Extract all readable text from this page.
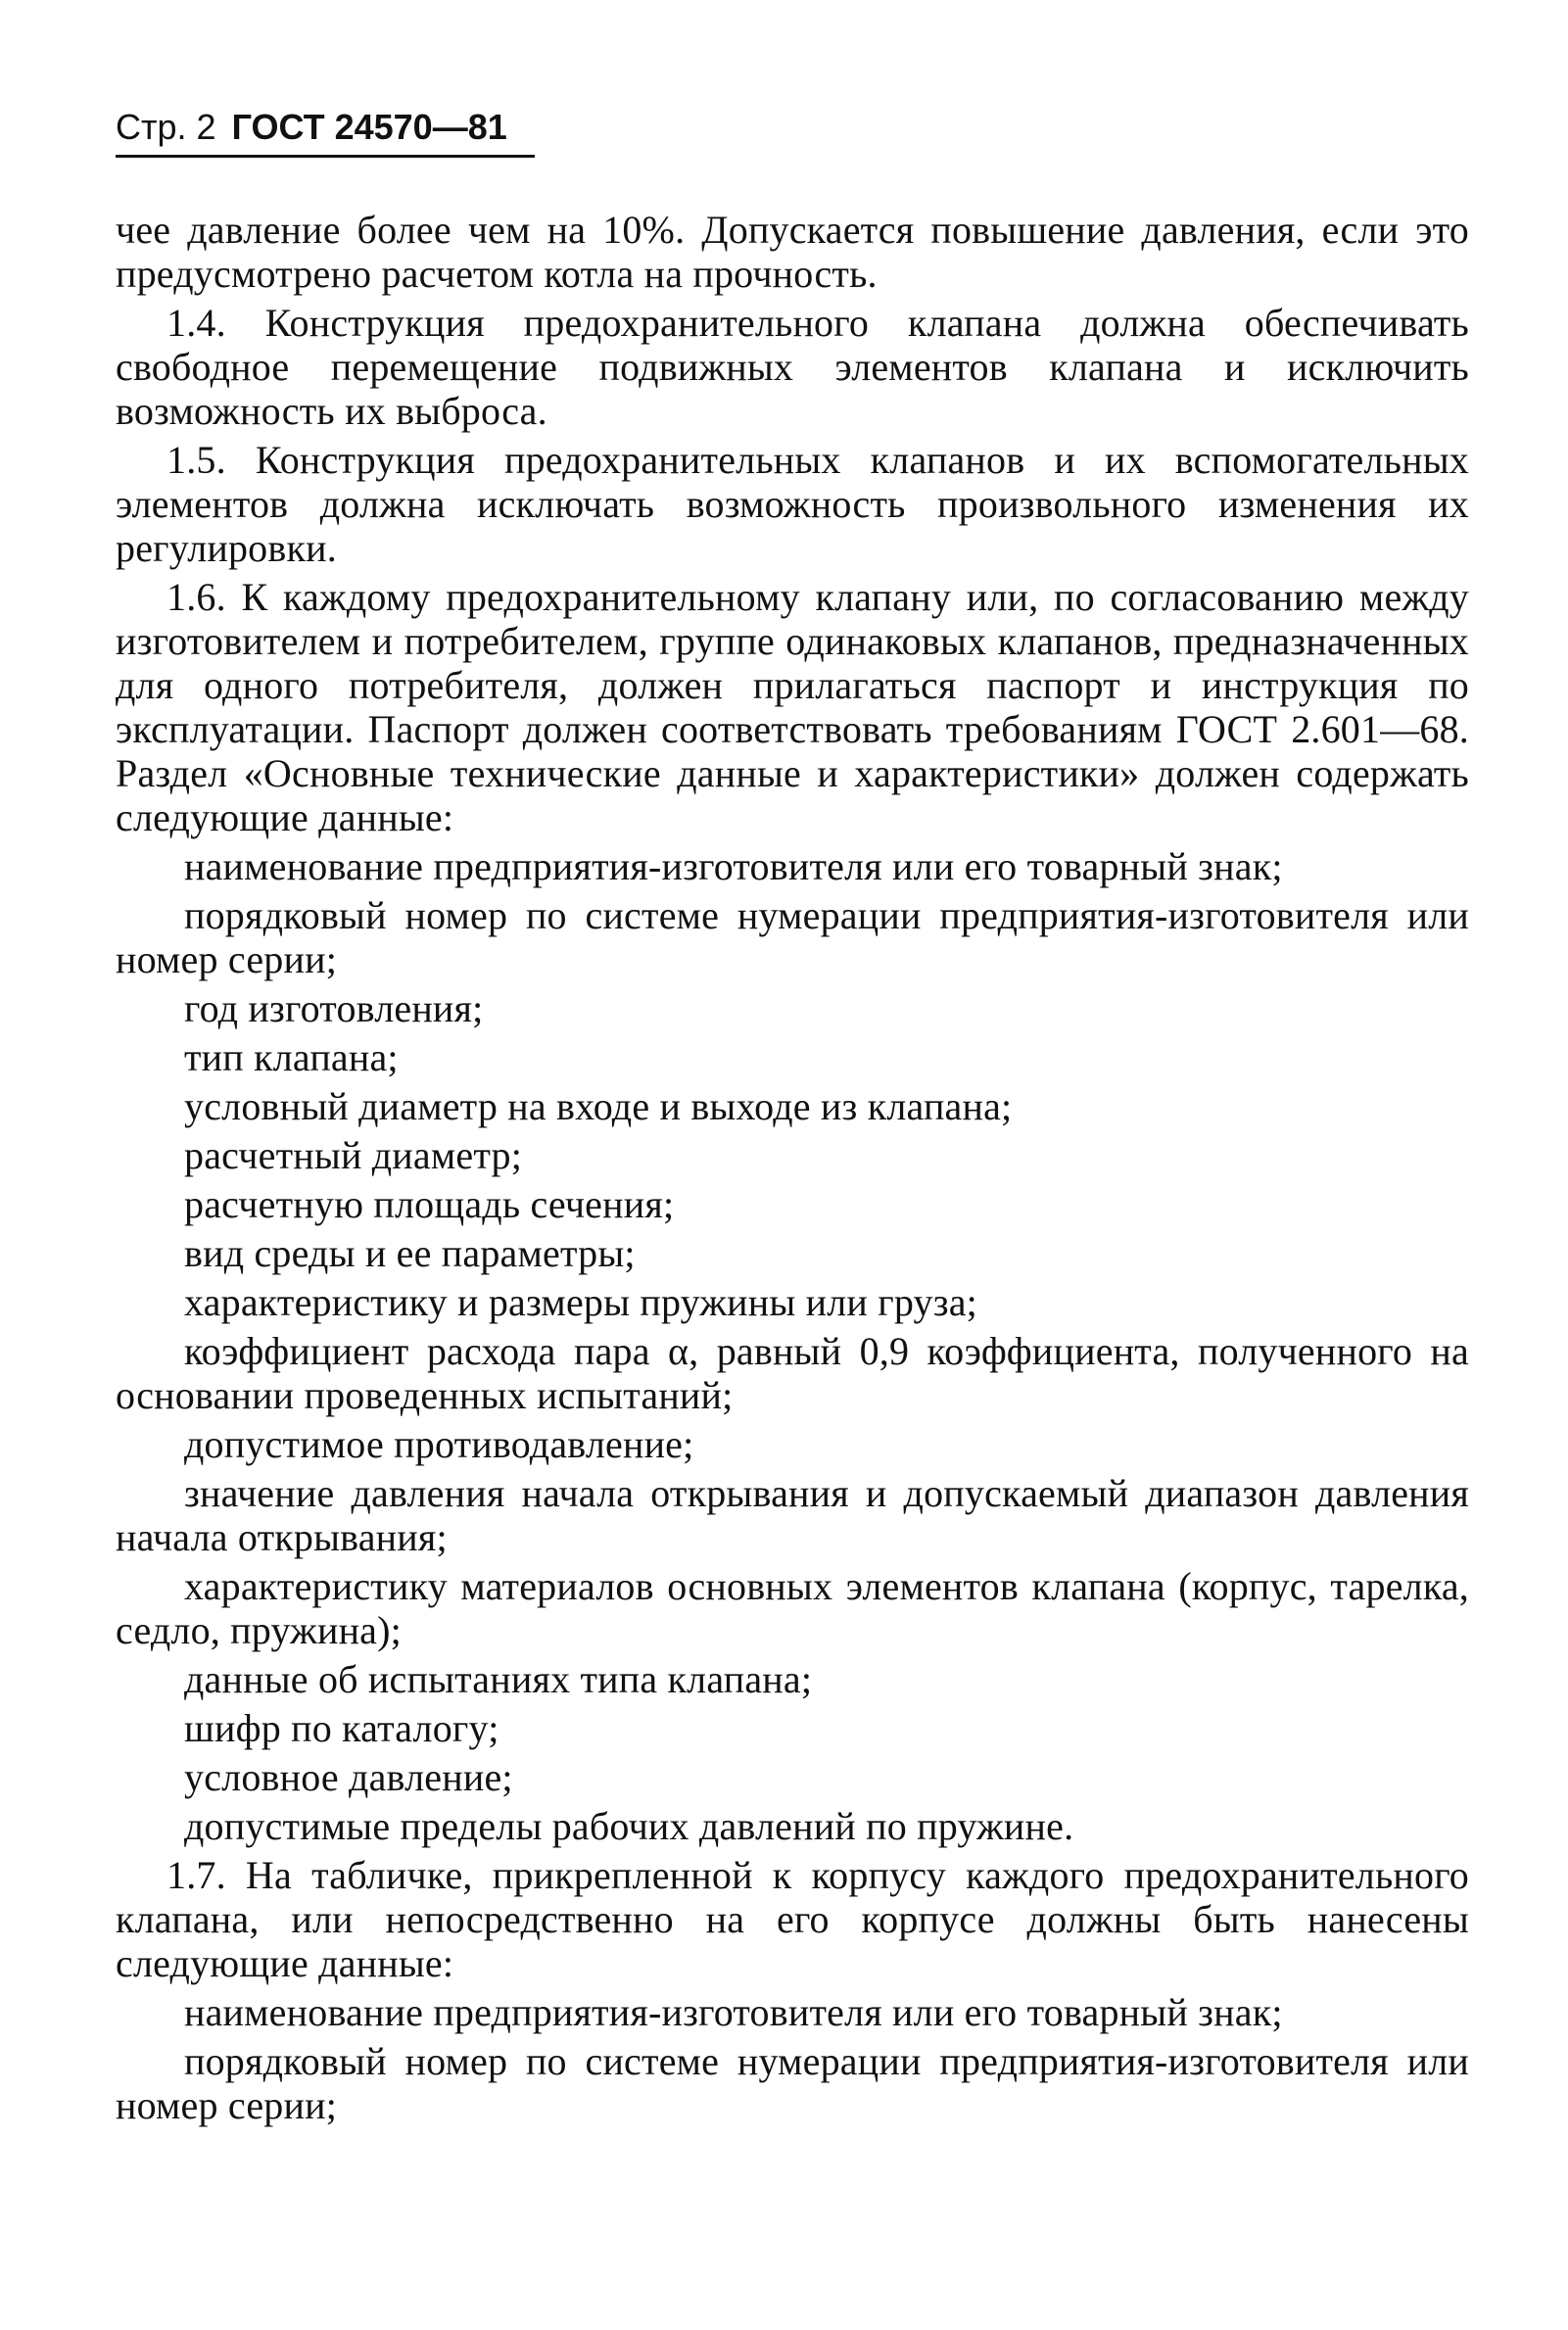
Стр. 2 ГОСТ 24570—81

чее давление более чем на 10%. Допускается повышение давления, если это предусмотрено расчетом котла на прочность.

1.4. Конструкция предохранительного клапана должна обеспечивать свободное перемещение подвижных элементов клапана и исключить возможность их выброса.

1.5. Конструкция предохранительных клапанов и их вспомогательных элементов должна исключать возможность произвольного изменения их регулировки.

1.6. К каждому предохранительному клапану или, по согласованию между изготовителем и потребителем, группе одинаковых клапанов, предназначенных для одного потребителя, должен прилагаться паспорт и инструкция по эксплуатации. Паспорт должен соответствовать требованиям ГОСТ 2.601—68. Раздел «Основные технические данные и характеристики» должен содержать следующие данные:

наименование предприятия-изготовителя или его товарный знак;

порядковый номер по системе нумерации предприятия-изготовителя или номер серии;

год изготовления;

тип клапана;

условный диаметр на входе и выходе из клапана;

расчетный диаметр;

расчетную площадь сечения;

вид среды и ее параметры;

характеристику и размеры пружины или груза;

коэффициент расхода пара α, равный 0,9 коэффициента, полученного на основании проведенных испытаний;

допустимое противодавление;

значение давления начала открывания и допускаемый диапазон давления начала открывания;

характеристику материалов основных элементов клапана (корпус, тарелка, седло, пружина);

данные об испытаниях типа клапана;

шифр по каталогу;

условное давление;

допустимые пределы рабочих давлений по пружине.

1.7. На табличке, прикрепленной к корпусу каждого предохранительного клапана, или непосредственно на его корпусе должны быть нанесены следующие данные:

наименование предприятия-изготовителя или его товарный знак;

порядковый номер по системе нумерации предприятия-изготовителя или номер серии;
